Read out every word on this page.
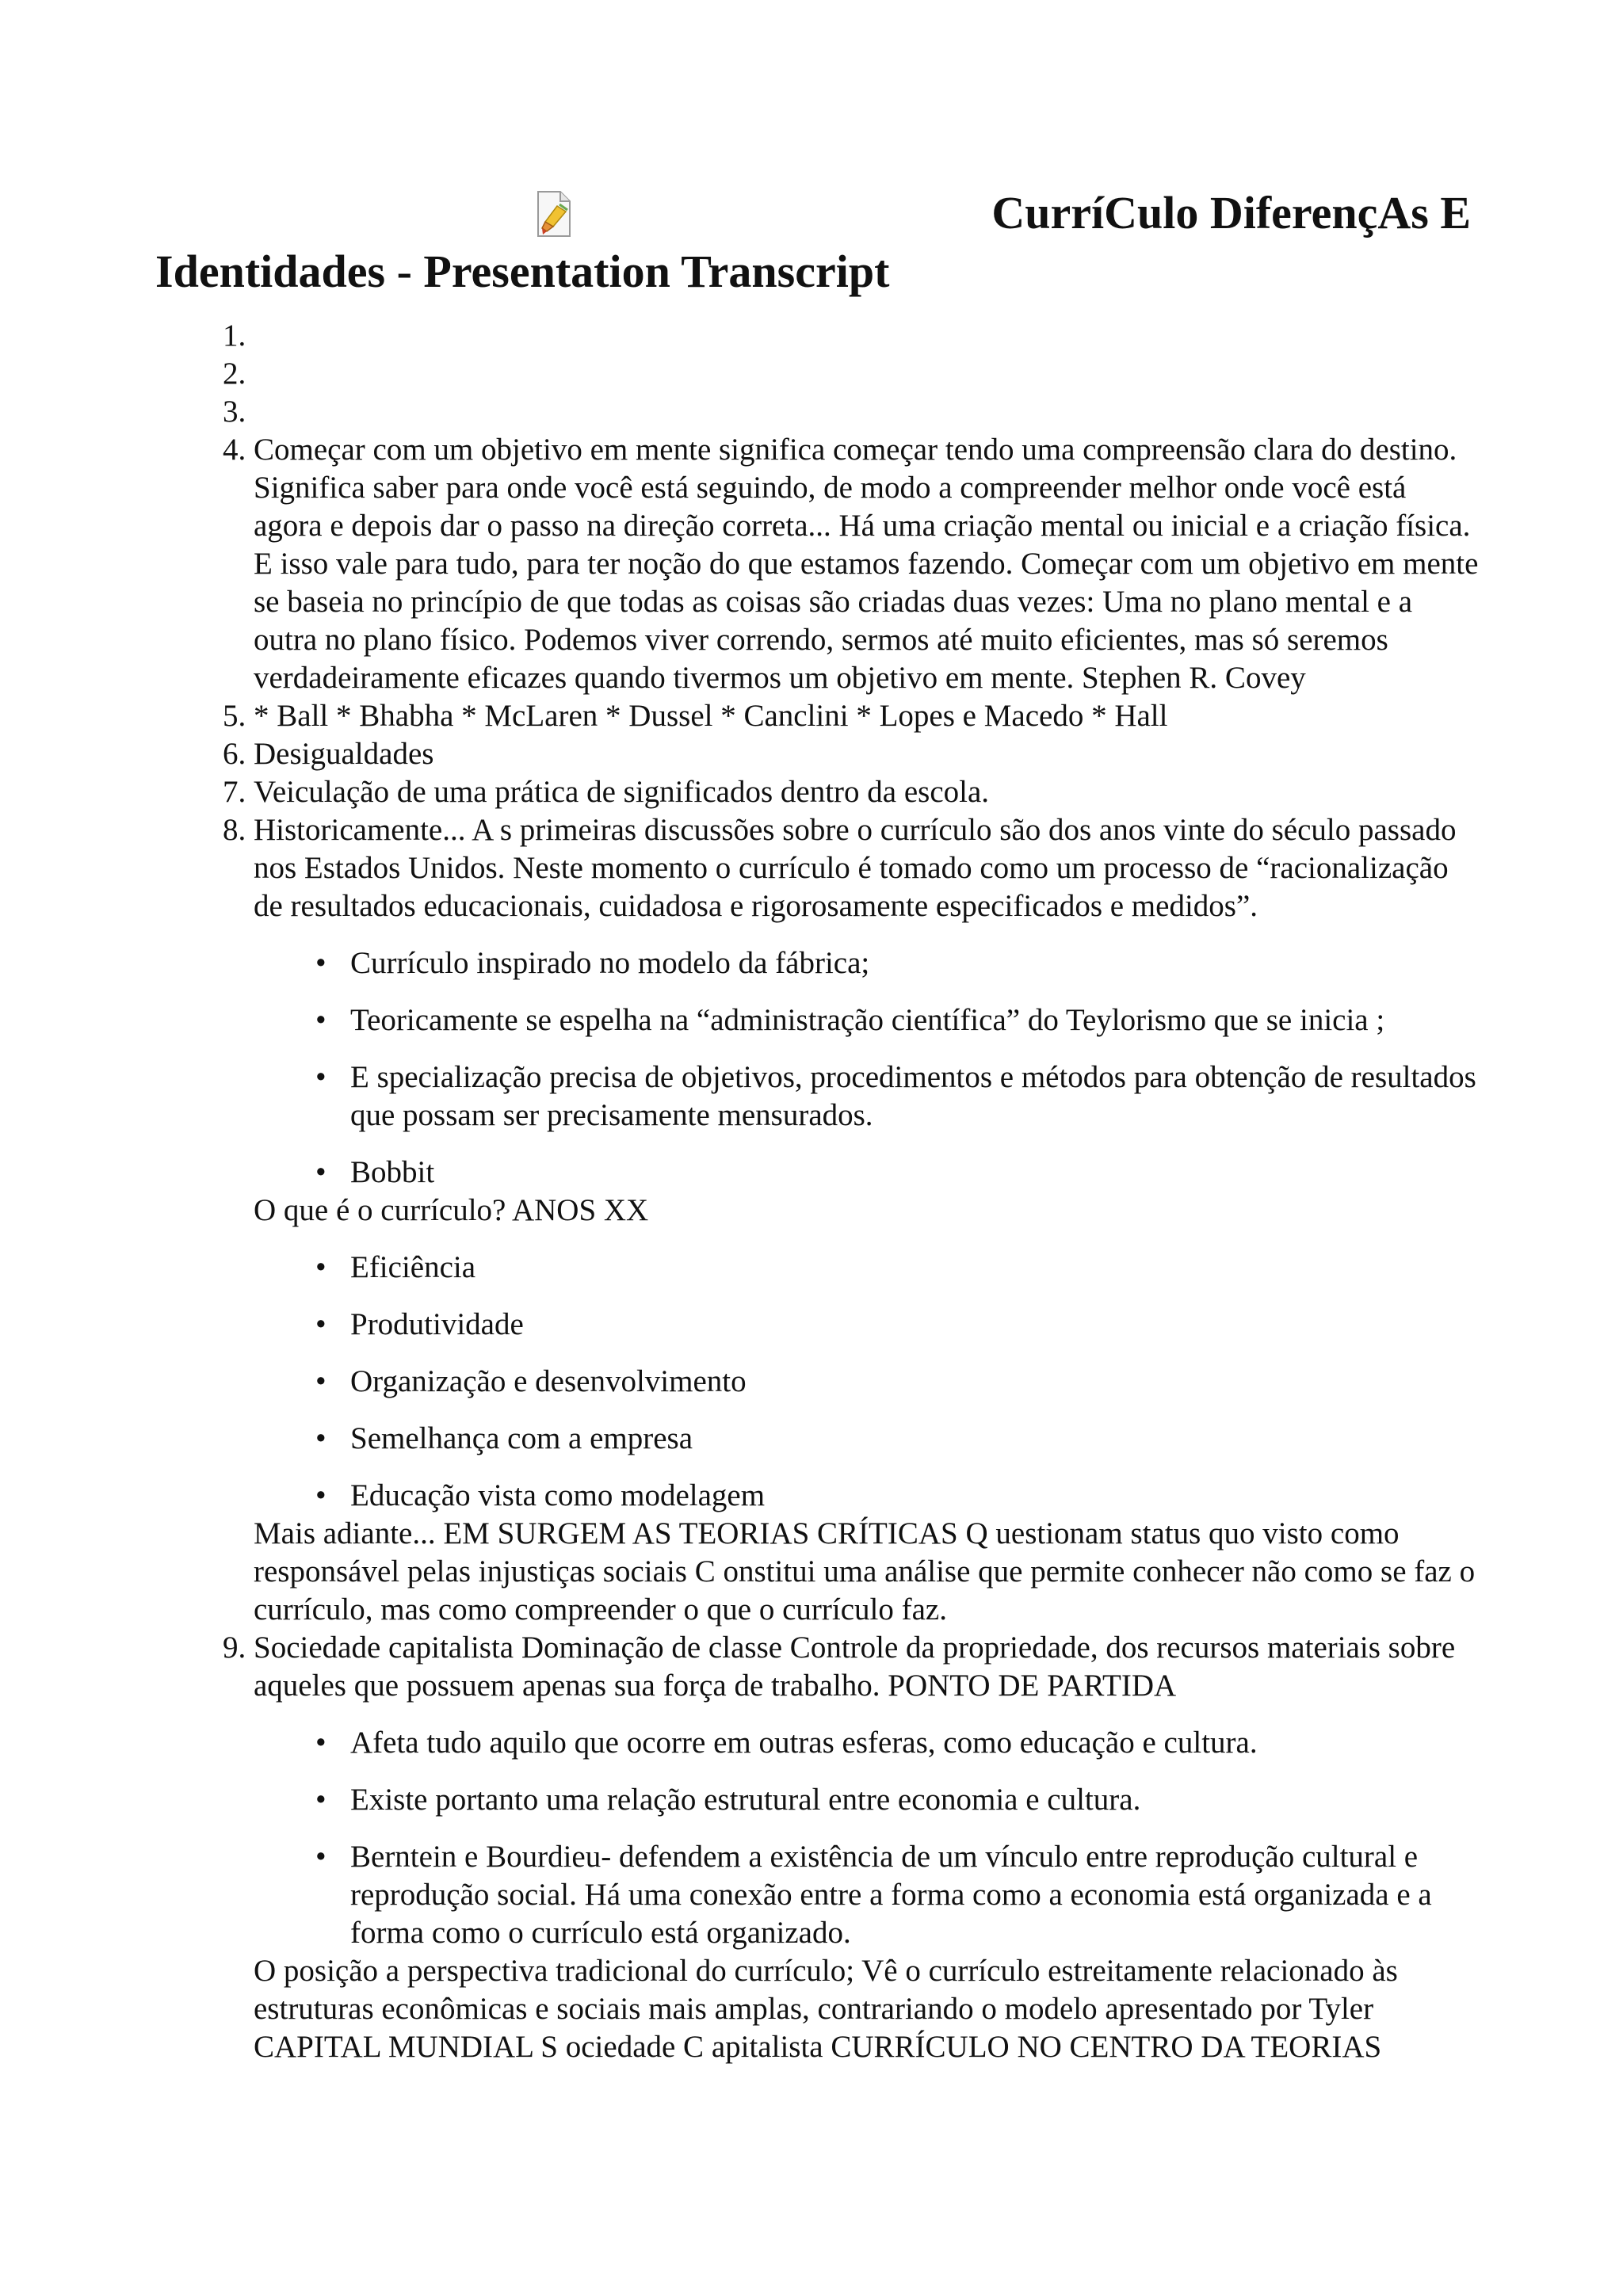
CurríCulo DiferençAs E
Identidades - Presentation Transcript
1.
2.
3.
4. Começar com um objetivo em mente significa começar tendo uma compreensão clara do destino. Significa saber para onde você está seguindo, de modo a compreender melhor onde você está agora e depois dar o passo na direção correta... Há uma criação mental ou inicial e a criação física. E isso vale para tudo, para ter noção do que estamos fazendo. Começar com um objetivo em mente se baseia no princípio de que todas as coisas são criadas duas vezes: Uma no plano mental e a outra no plano físico. Podemos viver correndo, sermos até muito eficientes, mas só seremos verdadeiramente eficazes quando tivermos um objetivo em mente. Stephen R. Covey
5. * Ball * Bhabha * McLaren * Dussel * Canclini * Lopes e Macedo * Hall
6. Desigualdades
7. Veiculação de uma prática de significados dentro da escola.

8. Historicamente... A s primeiras discussões sobre o currículo são dos anos vinte do século passado nos Estados Unidos. Neste momento o currículo é tomado como um processo de “racionalização de resultados educacionais, cuidadosa e rigorosamente especificados e medidos”.

• Currículo inspirado no modelo da fábrica;
• Teoricamente se espelha na “administração científica” do Teylorismo que se inicia ;
• E specialização precisa de objetivos, procedimentos e métodos para obtenção de resultados que possam ser precisamente mensurados.
• Bobbit

O que é o currículo? ANOS XX

• Eficiência
• Produtividade
• Organização e desenvolvimento
• Semelhança com a empresa
• Educação vista como modelagem

Mais adiante... EM SURGEM AS TEORIAS CRÍTICAS Q uestionam status quo visto como responsável pelas injustiças sociais C onstitui uma análise que permite conhecer não como se faz o currículo, mas como compreender o que o currículo faz.

9. Sociedade capitalista Dominação de classe Controle da propriedade, dos recursos materiais sobre aqueles que possuem apenas sua força de trabalho. PONTO DE PARTIDA

• Afeta tudo aquilo que ocorre em outras esferas, como educação e cultura.
• Existe portanto uma relação estrutural entre economia e cultura.
• Berntein e Bourdieu- defendem a existência de um vínculo entre reprodução cultural e reprodução social. Há uma conexão entre a forma como a economia está organizada e a forma como o currículo está organizado.

O posição a perspectiva tradicional do currículo; Vê o currículo estreitamente relacionado às estruturas econômicas e sociais mais amplas, contrariando o modelo apresentado por Tyler CAPITAL MUNDIAL S ociedade C apitalista CURRÍCULO NO CENTRO DA TEORIAS
